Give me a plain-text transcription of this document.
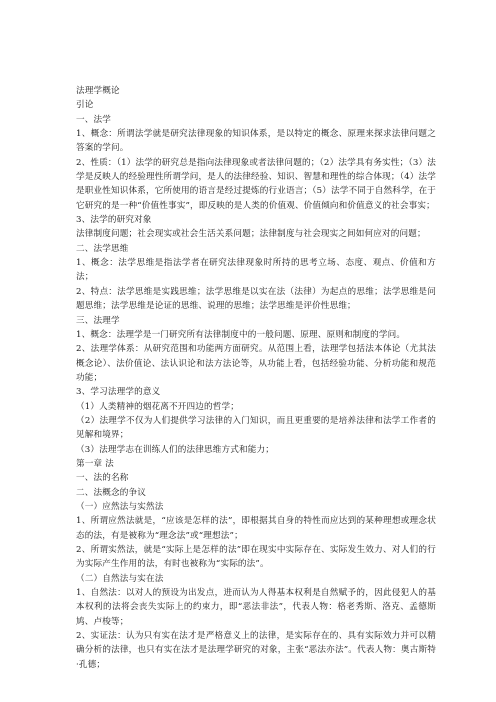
法理学概论
引论
一、法学

1、概念：所谓法学就是研究法律现象的知识体系，是以特定的概念、原理来探求法律问题之答案的学问。

2、性质：（1）法学的研究总是指向法律现象或者法律问题的；（2）法学具有务实性；（3）法学是反映人的经验理性所谓学问，是人的法律经验、知识、智慧和理性的综合体现；（4）法学是职业性知识体系，它所使用的语言是经过提炼的行业语言；（5）法学不同于自然科学，在于它研究的是一种“价值性事实”，即反映的是人类的价值观、价值倾向和价值意义的社会事实；

3、法学的研究对象

法律制度问题；社会现实或社会生活关系问题；法律制度与社会现实之间如何应对的问题；

二、法学思维

1、概念：法学思维是指法学者在研究法律现象时所持的思考立场、态度、观点、价值和方法；

2、特点：法学思维是实践思维；法学思维是以实在法（法律）为起点的思维；法学思维是问题思维；法学思维是论证的思维、说理的思维；法学思维是评价性思维；

三、法理学

1、概念：法理学是一门研究所有法律制度中的一般问题、原理、原则和制度的学问。

2、法理学体系：从研究范围和功能两方面研究。从范围上看，法理学包括法本体论（尤其法概念论）、法价值论、法认识论和法方法论等，从功能上看，包括经验功能、分析功能和规范功能；

3、学习法理学的意义

（1）人类精神的烟花离不开四边的哲学；

（2）法理学不仅为人们提供学习法律的入门知识，而且更重要的是培养法律和法学工作者的见解和境界；

（3）法理学志在训练人们的法律思维方式和能力；

第一章 法
一、法的名称
二、法概念的争议
（一）应然法与实然法

1、所谓应然法就是，“应该是怎样的法”，即根据其自身的特性而应达到的某种理想或理念状态的法，有是被称为“理念法”或“理想法”；

2、所谓实然法，就是“实际上是怎样的法”即在现实中实际存在、实际发生效力、对人们的行为实际产生作用的法，有时也被称为“实际的法”。

（二）自然法与实在法

1、自然法：以对人的预设为出发点，进而认为人得基本权利是自然赋予的，因此侵犯人的基本权利的法将会丧失实际上的约束力，即“恶法非法”，代表人物：格老秀斯、洛克、孟德斯鸠、卢梭等；

2、实证法：认为只有实在法才是严格意义上的法律，是实际存在的、具有实际效力并可以精确分析的法律，也只有实在法才是法理学研究的对象，主张“恶法亦法”。代表人物：奥古斯特·孔德；
